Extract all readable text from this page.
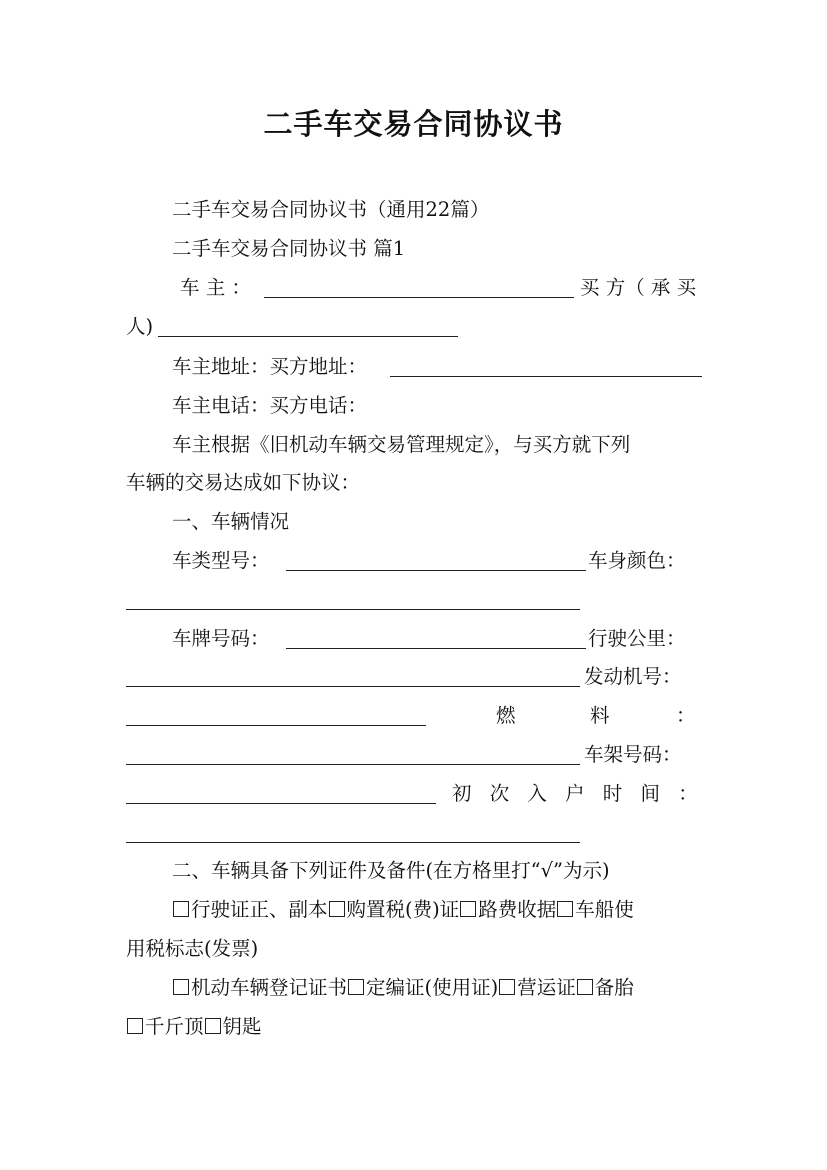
二手车交易合同协议书
二手车交易合同协议书（通用22篇）
二手车交易合同协议书 篇1
车 主 ：	买 方（ 承 买
人)
车主地址：买方地址：
车主电话：买方电话：
车主根据《旧机动车辆交易管理规定》，与买方就下列
车辆的交易达成如下协议：
一、车辆情况
车类型号：	车身颜色：
车牌号码：	行驶公里：
发动机号：
燃	料	：
车架号码：
初 次 入 户 时 间 ：
二、车辆具备下列证件及备件(在方格里打“√”为示)
行驶证正、副本 购置税(费)证 路费收据 车船使
用税标志(发票)
机动车辆登记证书 定编证(使用证) 营运证 备胎
千斤顶 钥匙
